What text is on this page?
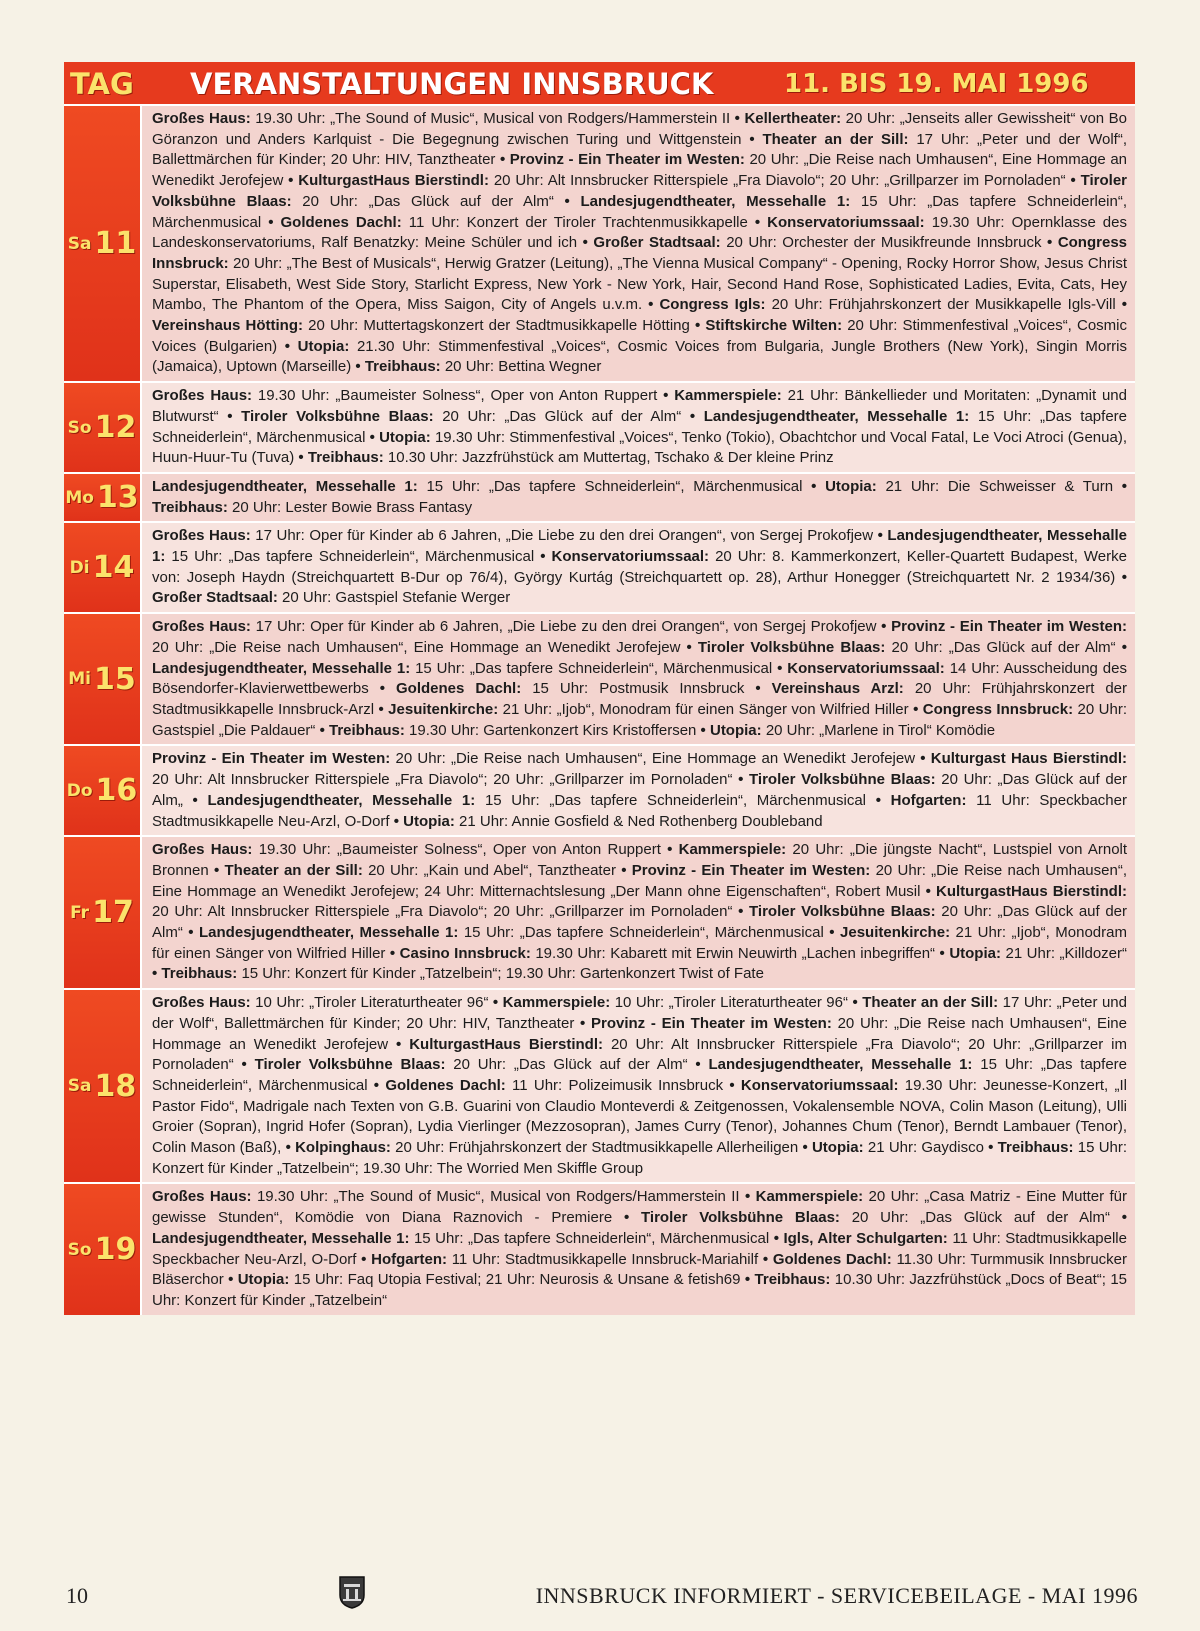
TAG VERANSTALTUNGEN INNSBRUCK	11. BIS 19. MAI 1996
Sa 11
Großes Haus: 19.30 Uhr: „The Sound of Music“, Musical von Rodgers/Hammerstein II • Kellertheater: 20 Uhr: „Jenseits aller Gewissheit“ von Bo Göranzon und Anders Karlquist - Die Begegnung zwischen Turing und Wittgenstein • Theater an der Sill: 17 Uhr: „Peter und der Wolf“, Ballettmärchen für Kinder; 20 Uhr: HIV, Tanztheater • Provinz - Ein Theater im Westen: 20 Uhr: „Die Reise nach Umhausen“, Eine Hommage an Wenedikt Jerofejew • KulturgastHaus Bierstindl: 20 Uhr: Alt Innsbrucker Ritterspiele „Fra Diavolo“; 20 Uhr: „Grillparzer im Pornoladen“ • Tiroler Volksbühne Blaas: 20 Uhr: „Das Glück auf der Alm“ • Landesjugendtheater, Messehalle 1: 15 Uhr: „Das tapfere Schneiderlein“, Märchenmusical • Goldenes Dachl: 11 Uhr: Konzert der Tiroler Trachtenmusikkapelle • Konservatoriumssaal: 19.30 Uhr: Opernklasse des Landeskonservatoriums, Ralf Benatzky: Meine Schüler und ich • Großer Stadtsaal: 20 Uhr: Orchester der Musikfreunde Innsbruck • Congress Innsbruck: 20 Uhr: „The Best of Musicals“, Herwig Gratzer (Leitung), „The Vienna Musical Company“ - Opening, Rocky Horror Show, Jesus Christ Superstar, Elisabeth, West Side Story, Starlicht Express, New York - New York, Hair, Second Hand Rose, Sophisticated Ladies, Evita, Cats, Hey Mambo, The Phantom of the Opera, Miss Saigon, City of Angels u.v.m. • Congress Igls: 20 Uhr: Frühjahrskonzert der Musikkapelle Igls-Vill • Vereinshaus Hötting: 20 Uhr: Muttertagskonzert der Stadtmusikkapelle Hötting • Stiftskirche Wilten: 20 Uhr: Stimmenfestival „Voices“, Cosmic Voices (Bulgarien) • Utopia: 21.30 Uhr: Stimmenfestival „Voices“, Cosmic Voices from Bulgaria, Jungle Brothers (New York), Singin Morris (Jamaica), Uptown (Marseille) • Treibhaus: 20 Uhr: Bettina Wegner
So 12
Großes Haus: 19.30 Uhr: „Baumeister Solness“, Oper von Anton Ruppert • Kammerspiele: 21 Uhr: Bänkellieder und Moritaten: „Dynamit und Blutwurst“ • Tiroler Volksbühne Blaas: 20 Uhr: „Das Glück auf der Alm“ • Landesjugendtheater, Messehalle 1: 15 Uhr: „Das tapfere Schneiderlein“, Märchenmusical • Utopia: 19.30 Uhr: Stimmenfestival „Voices“, Tenko (Tokio), Obachtchor und Vocal Fatal, Le Voci Atroci (Genua), Huun-Huur-Tu (Tuva) • Treibhaus: 10.30 Uhr: Jazzfrühstück am Muttertag, Tschako & Der kleine Prinz
Mo 13 Landesjugendtheater, Messehalle 1: 15 Uhr: „Das tapfere Schneiderlein“, Märchenmusical • Utopia: 21 Uhr: Die Schweisser & Turn • Treibhaus: 20 Uhr: Lester Bowie Brass Fantasy
Di 14
Großes Haus: 17 Uhr: Oper für Kinder ab 6 Jahren, „Die Liebe zu den drei Orangen“, von Sergej Prokofjew • Landesjugendtheater, Messehalle 1: 15 Uhr: „Das tapfere Schneiderlein“, Märchenmusical • Konservatoriumssaal: 20 Uhr: 8. Kammerkonzert, Keller-Quartett Budapest, Werke von: Joseph Haydn (Streichquartett B-Dur op 76/4), György Kurtág (Streichquartett op. 28), Arthur Honegger (Streichquartett Nr. 2 1934/36) • Großer Stadtsaal: 20 Uhr: Gastspiel Stefanie Werger
Mi 15
Großes Haus: 17 Uhr: Oper für Kinder ab 6 Jahren, „Die Liebe zu den drei Orangen“, von Sergej Prokofjew • Provinz - Ein Theater im Westen: 20 Uhr: „Die Reise nach Umhausen“, Eine Hommage an Wenedikt Jerofejew • Tiroler Volksbühne Blaas: 20 Uhr: „Das Glück auf der Alm“ • Landesjugendtheater, Messehalle 1: 15 Uhr: „Das tapfere Schneiderlein“, Märchenmusical • Konservatoriumssaal: 14 Uhr: Ausscheidung des Bösendorfer-Klavierwettbewerbs • Goldenes Dachl: 15 Uhr: Postmusik Innsbruck • Vereinshaus Arzl: 20 Uhr: Frühjahrskonzert der Stadtmusikkapelle Innsbruck-Arzl • Jesuitenkirche: 21 Uhr: „Ijob“, Monodram für einen Sänger von Wilfried Hiller • Congress Innsbruck: 20 Uhr: Gastspiel „Die Paldauer“ • Treibhaus: 19.30 Uhr: Gartenkonzert Kirs Kristoffersen • Utopia: 20 Uhr: „Marlene in Tirol“ Komödie
Do 16
Provinz - Ein Theater im Westen: 20 Uhr: „Die Reise nach Umhausen“, Eine Hommage an Wenedikt Jerofejew • Kulturgast Haus Bierstindl: 20 Uhr: Alt Innsbrucker Ritterspiele „Fra Diavolo“; 20 Uhr: „Grillparzer im Pornoladen“ • Tiroler Volksbühne Blaas: 20 Uhr: „Das Glück auf der Alm„ • Landesjugendtheater, Messehalle 1: 15 Uhr: „Das tapfere Schneiderlein“, Märchenmusical • Hofgarten: 11 Uhr: Speckbacher Stadtmusikkapelle Neu-Arzl, O-Dorf • Utopia: 21 Uhr: Annie Gosfield & Ned Rothenberg Doubleband
Fr 17
Großes Haus: 19.30 Uhr: „Baumeister Solness“, Oper von Anton Ruppert • Kammerspiele: 20 Uhr: „Die jüngste Nacht“, Lustspiel von Arnolt Bronnen • Theater an der Sill: 20 Uhr: „Kain und Abel“, Tanztheater • Provinz - Ein Theater im Westen: 20 Uhr: „Die Reise nach Umhausen“, Eine Hommage an Wenedikt Jerofejew; 24 Uhr: Mitternachtslesung „Der Mann ohne Eigenschaften“, Robert Musil • KulturgastHaus Bierstindl: 20 Uhr: Alt Innsbrucker Ritterspiele „Fra Diavolo“; 20 Uhr: „Grillparzer im Pornoladen“ • Tiroler Volksbühne Blaas: 20 Uhr: „Das Glück auf der Alm“ • Landesjugendtheater, Messehalle 1: 15 Uhr: „Das tapfere Schneiderlein“, Märchenmusical • Jesuitenkirche: 21 Uhr: „Ijob“, Monodram für einen Sänger von Wilfried Hiller • Casino Innsbruck: 19.30 Uhr: Kabarett mit Erwin Neuwirth „Lachen inbegriffen“ • Utopia: 21 Uhr: „Killdozer“ • Treibhaus: 15 Uhr: Konzert für Kinder „Tatzelbein“; 19.30 Uhr: Gartenkonzert Twist of Fate
Sa 18
Großes Haus: 10 Uhr: „Tiroler Literaturtheater 96“ • Kammerspiele: 10 Uhr: „Tiroler Literaturtheater 96“ • Theater an der Sill: 17 Uhr: „Peter und der Wolf“, Ballettmärchen für Kinder; 20 Uhr: HIV, Tanztheater • Provinz - Ein Theater im Westen: 20 Uhr: „Die Reise nach Umhausen“, Eine Hommage an Wenedikt Jerofejew • KulturgastHaus Bierstindl: 20 Uhr: Alt Innsbrucker Ritterspiele „Fra Diavolo“; 20 Uhr: „Grillparzer im Pornoladen“ • Tiroler Volksbühne Blaas: 20 Uhr: „Das Glück auf der Alm“ • Landesjugendtheater, Messehalle 1: 15 Uhr: „Das tapfere Schneiderlein“, Märchenmusical • Goldenes Dachl: 11 Uhr: Polizeimusik Innsbruck • Konservatoriumssaal: 19.30 Uhr: Jeunesse-Konzert, „Il Pastor Fido“, Madrigale nach Texten von G.B. Guarini von Claudio Monteverdi & Zeitgenossen, Vokalensemble NOVA, Colin Mason (Leitung), Ulli Groier (Sopran), Ingrid Hofer (Sopran), Lydia Vierlinger (Mezzosopran), James Curry (Tenor), Johannes Chum (Tenor), Berndt Lambauer (Tenor), Colin Mason (Baß), • Kolpinghaus: 20 Uhr: Frühjahrskonzert der Stadtmusikkapelle Allerheiligen • Utopia: 21 Uhr: Gaydisco • Treibhaus: 15 Uhr: Konzert für Kinder „Tatzelbein“; 19.30 Uhr: The Worried Men Skiffle Group
So 19
Großes Haus: 19.30 Uhr: „The Sound of Music“, Musical von Rodgers/Hammerstein II • Kammerspiele: 20 Uhr: „Casa Matriz - Eine Mutter für gewisse Stunden“, Komödie von Diana Raznovich - Premiere • Tiroler Volksbühne Blaas: 20 Uhr: „Das Glück auf der Alm“ • Landesjugendtheater, Messehalle 1: 15 Uhr: „Das tapfere Schneiderlein“, Märchenmusical • Igls, Alter Schulgarten: 11 Uhr: Stadtmusikkapelle Speckbacher Neu-Arzl, O-Dorf • Hofgarten: 11 Uhr: Stadtmusikkapelle Innsbruck-Mariahilf • Goldenes Dachl: 11.30 Uhr: Turmmusik Innsbrucker Bläserchor • Utopia: 15 Uhr: Faq Utopia Festival; 21 Uhr: Neurosis & Unsane & fetish69 • Treibhaus: 10.30 Uhr: Jazzfrühstück „Docs of Beat“; 15 Uhr: Konzert für Kinder „Tatzelbein“
10	INNSBRUCK INFORMIERT - SERVICEBEILAGE - MAI 1996
